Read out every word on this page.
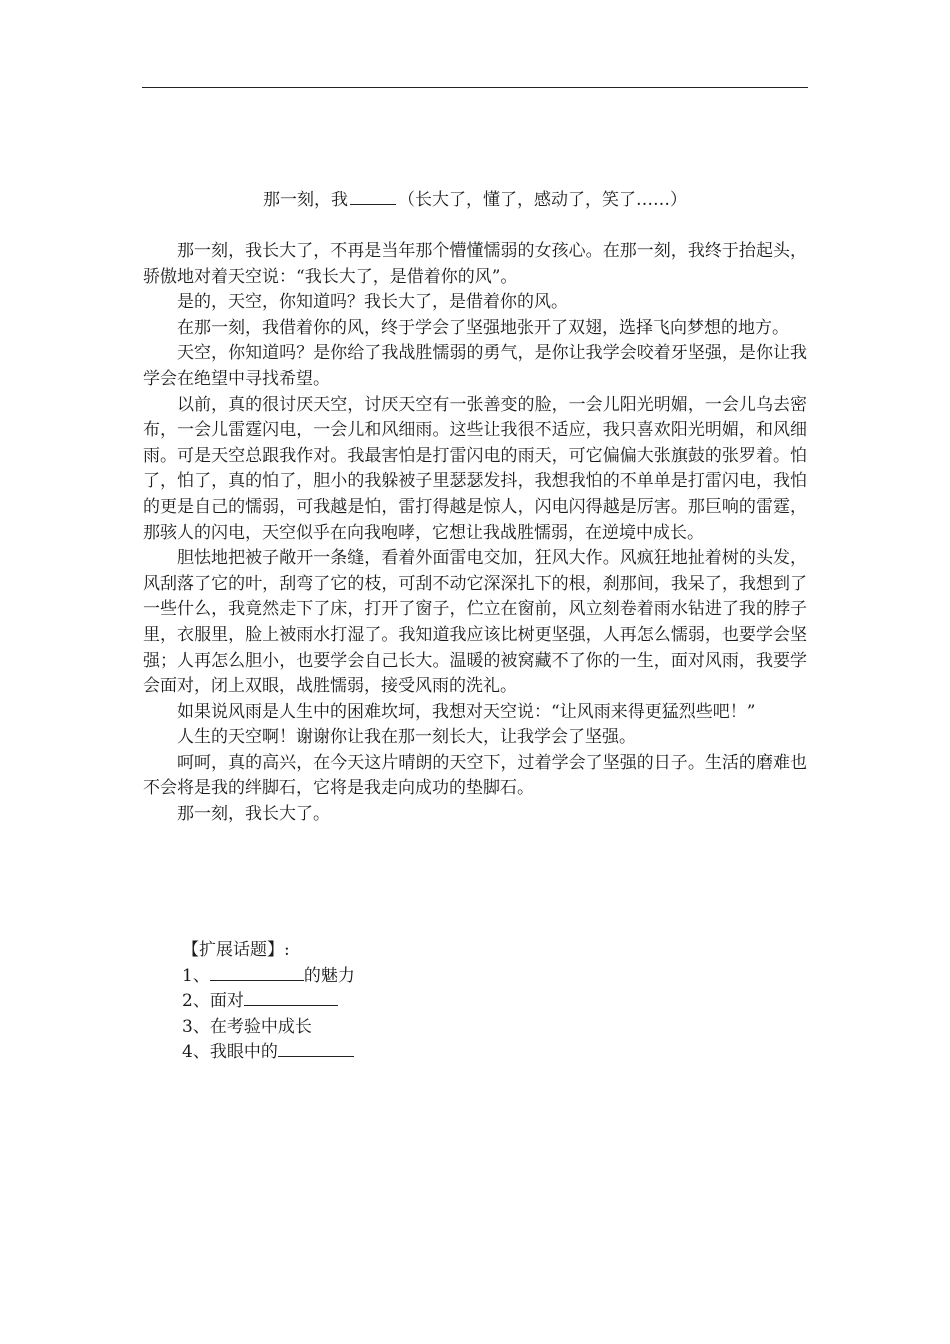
那一刻，我	（长大了，懂了，感动了，笑了……）

那一刻，我长大了，不再是当年那个懵懂懦弱的女孩心。在那一刻，我终于抬起头，骄傲地对着天空说：“我长大了，是借着你的风”。

是的，天空，你知道吗？我长大了，是借着你的风。

在那一刻，我借着你的风，终于学会了坚强地张开了双翅，选择飞向梦想的地方。

天空，你知道吗？是你给了我战胜懦弱的勇气，是你让我学会咬着牙坚强，是你让我学会在绝望中寻找希望。

以前，真的很讨厌天空，讨厌天空有一张善变的脸，一会儿阳光明媚，一会儿乌去密布，一会儿雷霆闪电，一会儿和风细雨。这些让我很不适应，我只喜欢阳光明媚，和风细雨。可是天空总跟我作对。我最害怕是打雷闪电的雨天，可它偏偏大张旗鼓的张罗着。怕了，怕了，真的怕了，胆小的我躲被子里瑟瑟发抖，我想我怕的不单单是打雷闪电，我怕的更是自己的懦弱，可我越是怕，雷打得越是惊人，闪电闪得越是厉害。那巨响的雷霆，那骇人的闪电，天空似乎在向我咆哮，它想让我战胜懦弱，在逆境中成长。

胆怯地把被子敞开一条缝，看着外面雷电交加，狂风大作。风疯狂地扯着树的头发，风刮落了它的叶，刮弯了它的枝，可刮不动它深深扎下的根，刹那间，我呆了，我想到了一些什么，我竟然走下了床，打开了窗子，伫立在窗前，风立刻卷着雨水钻进了我的脖子里，衣服里，脸上被雨水打湿了。我知道我应该比树更坚强，人再怎么懦弱，也要学会坚强；人再怎么胆小，也要学会自己长大。温暖的被窝藏不了你的一生，面对风雨，我要学会面对，闭上双眼，战胜懦弱，接受风雨的洗礼。

如果说风雨是人生中的困难坎坷，我想对天空说：“让风雨来得更猛烈些吧！”

人生的天空啊！谢谢你让我在那一刻长大，让我学会了坚强。

呵呵，真的高兴，在今天这片晴朗的天空下，过着学会了坚强的日子。生活的磨难也不会将是我的绊脚石，它将是我走向成功的垫脚石。

那一刻，我长大了。

【扩展话题】:

1、	的魅力

2、面对

3、在考验中成长

4、我眼中的
